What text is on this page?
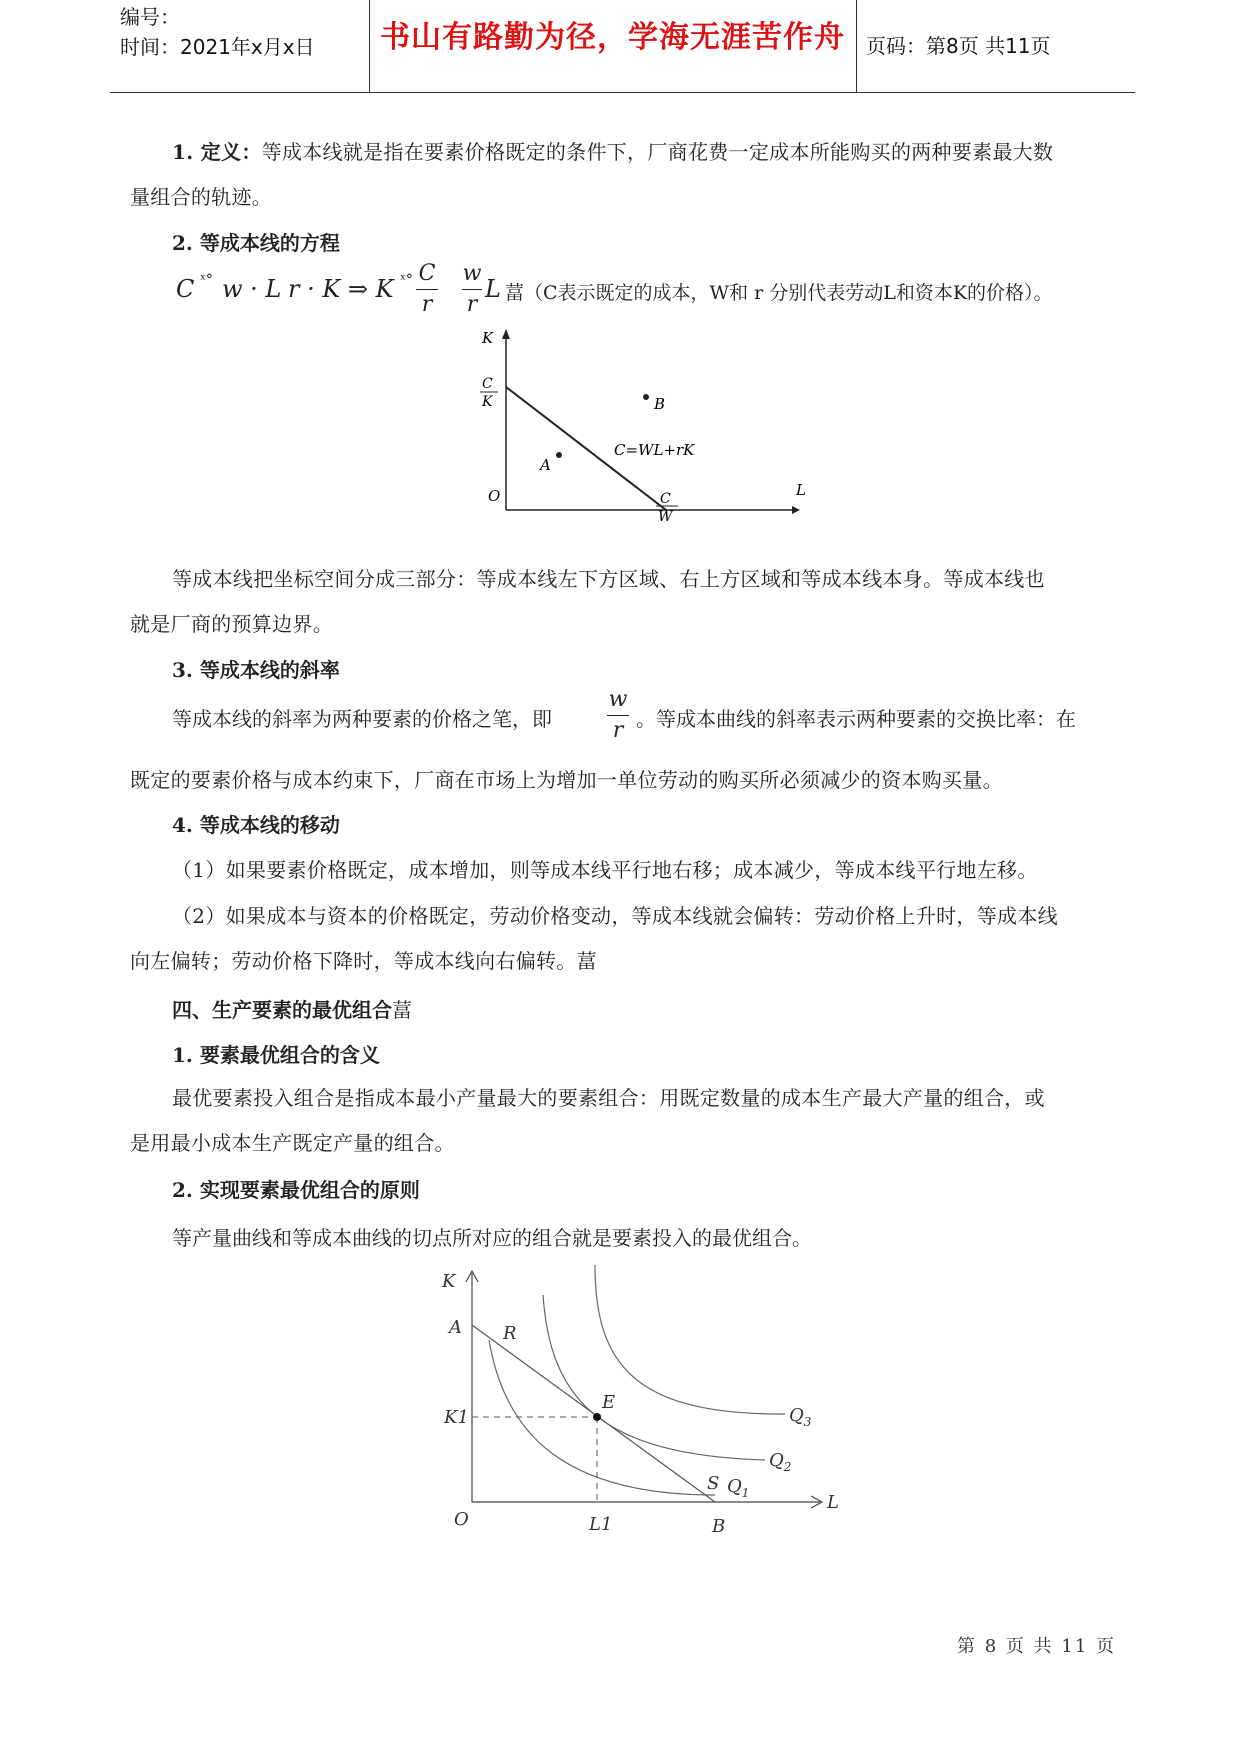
编号：
时间：2021年x月x日	书山有路勤为径，学海无涯苦作舟	页码：第8页 共11页
1. 定义：等成本线就是指在要素价格既定的条件下，厂商花费一定成本所能购买的两种要素最大数
量组合的轨迹。
2. 等成本线的方程
C ˣ° w · L r · K ⇒ K ˣ° C
r
w
r
L 葍（C表示既定的成本，W和 r 分别代表劳动L和资本K的价格）。
K
L
O
C
K
C
W
C=WL+rK
A
B
等成本线把坐标空间分成三部分：等成本线左下方区域、右上方区域和等成本线本身。等成本线也
就是厂商的预算边界。
3. 等成本线的斜率
等成本线的斜率为两种要素的价格之笔，即
w
r 。等成本曲线的斜率表示两种要素的交换比率：在
既定的要素价格与成本约束下，厂商在市场上为增加一单位劳动的购买所必须减少的资本购买量。
4. 等成本线的移动
（1）如果要素价格既定，成本增加，则等成本线平行地右移；成本减少，等成本线平行地左移。
（2）如果成本与资本的价格既定，劳动价格变动，等成本线就会偏转：劳动价格上升时，等成本线
向左偏转；劳动价格下降时，等成本线向右偏转。葍
四、生产要素的最优组合葍
1. 要素最优组合的含义
最优要素投入组合是指成本最小产量最大的要素组合：用既定数量的成本生产最大产量的组合，或
是用最小成本生产既定产量的组合。
2. 实现要素最优组合的原则
等产量曲线和等成本曲线的切点所对应的组合就是要素投入的最优组合。
K
L
O
A R
E
K1
L1	B
S $Q_1$
$Q_2$
$Q_3$
第 8 页 共 11 页
